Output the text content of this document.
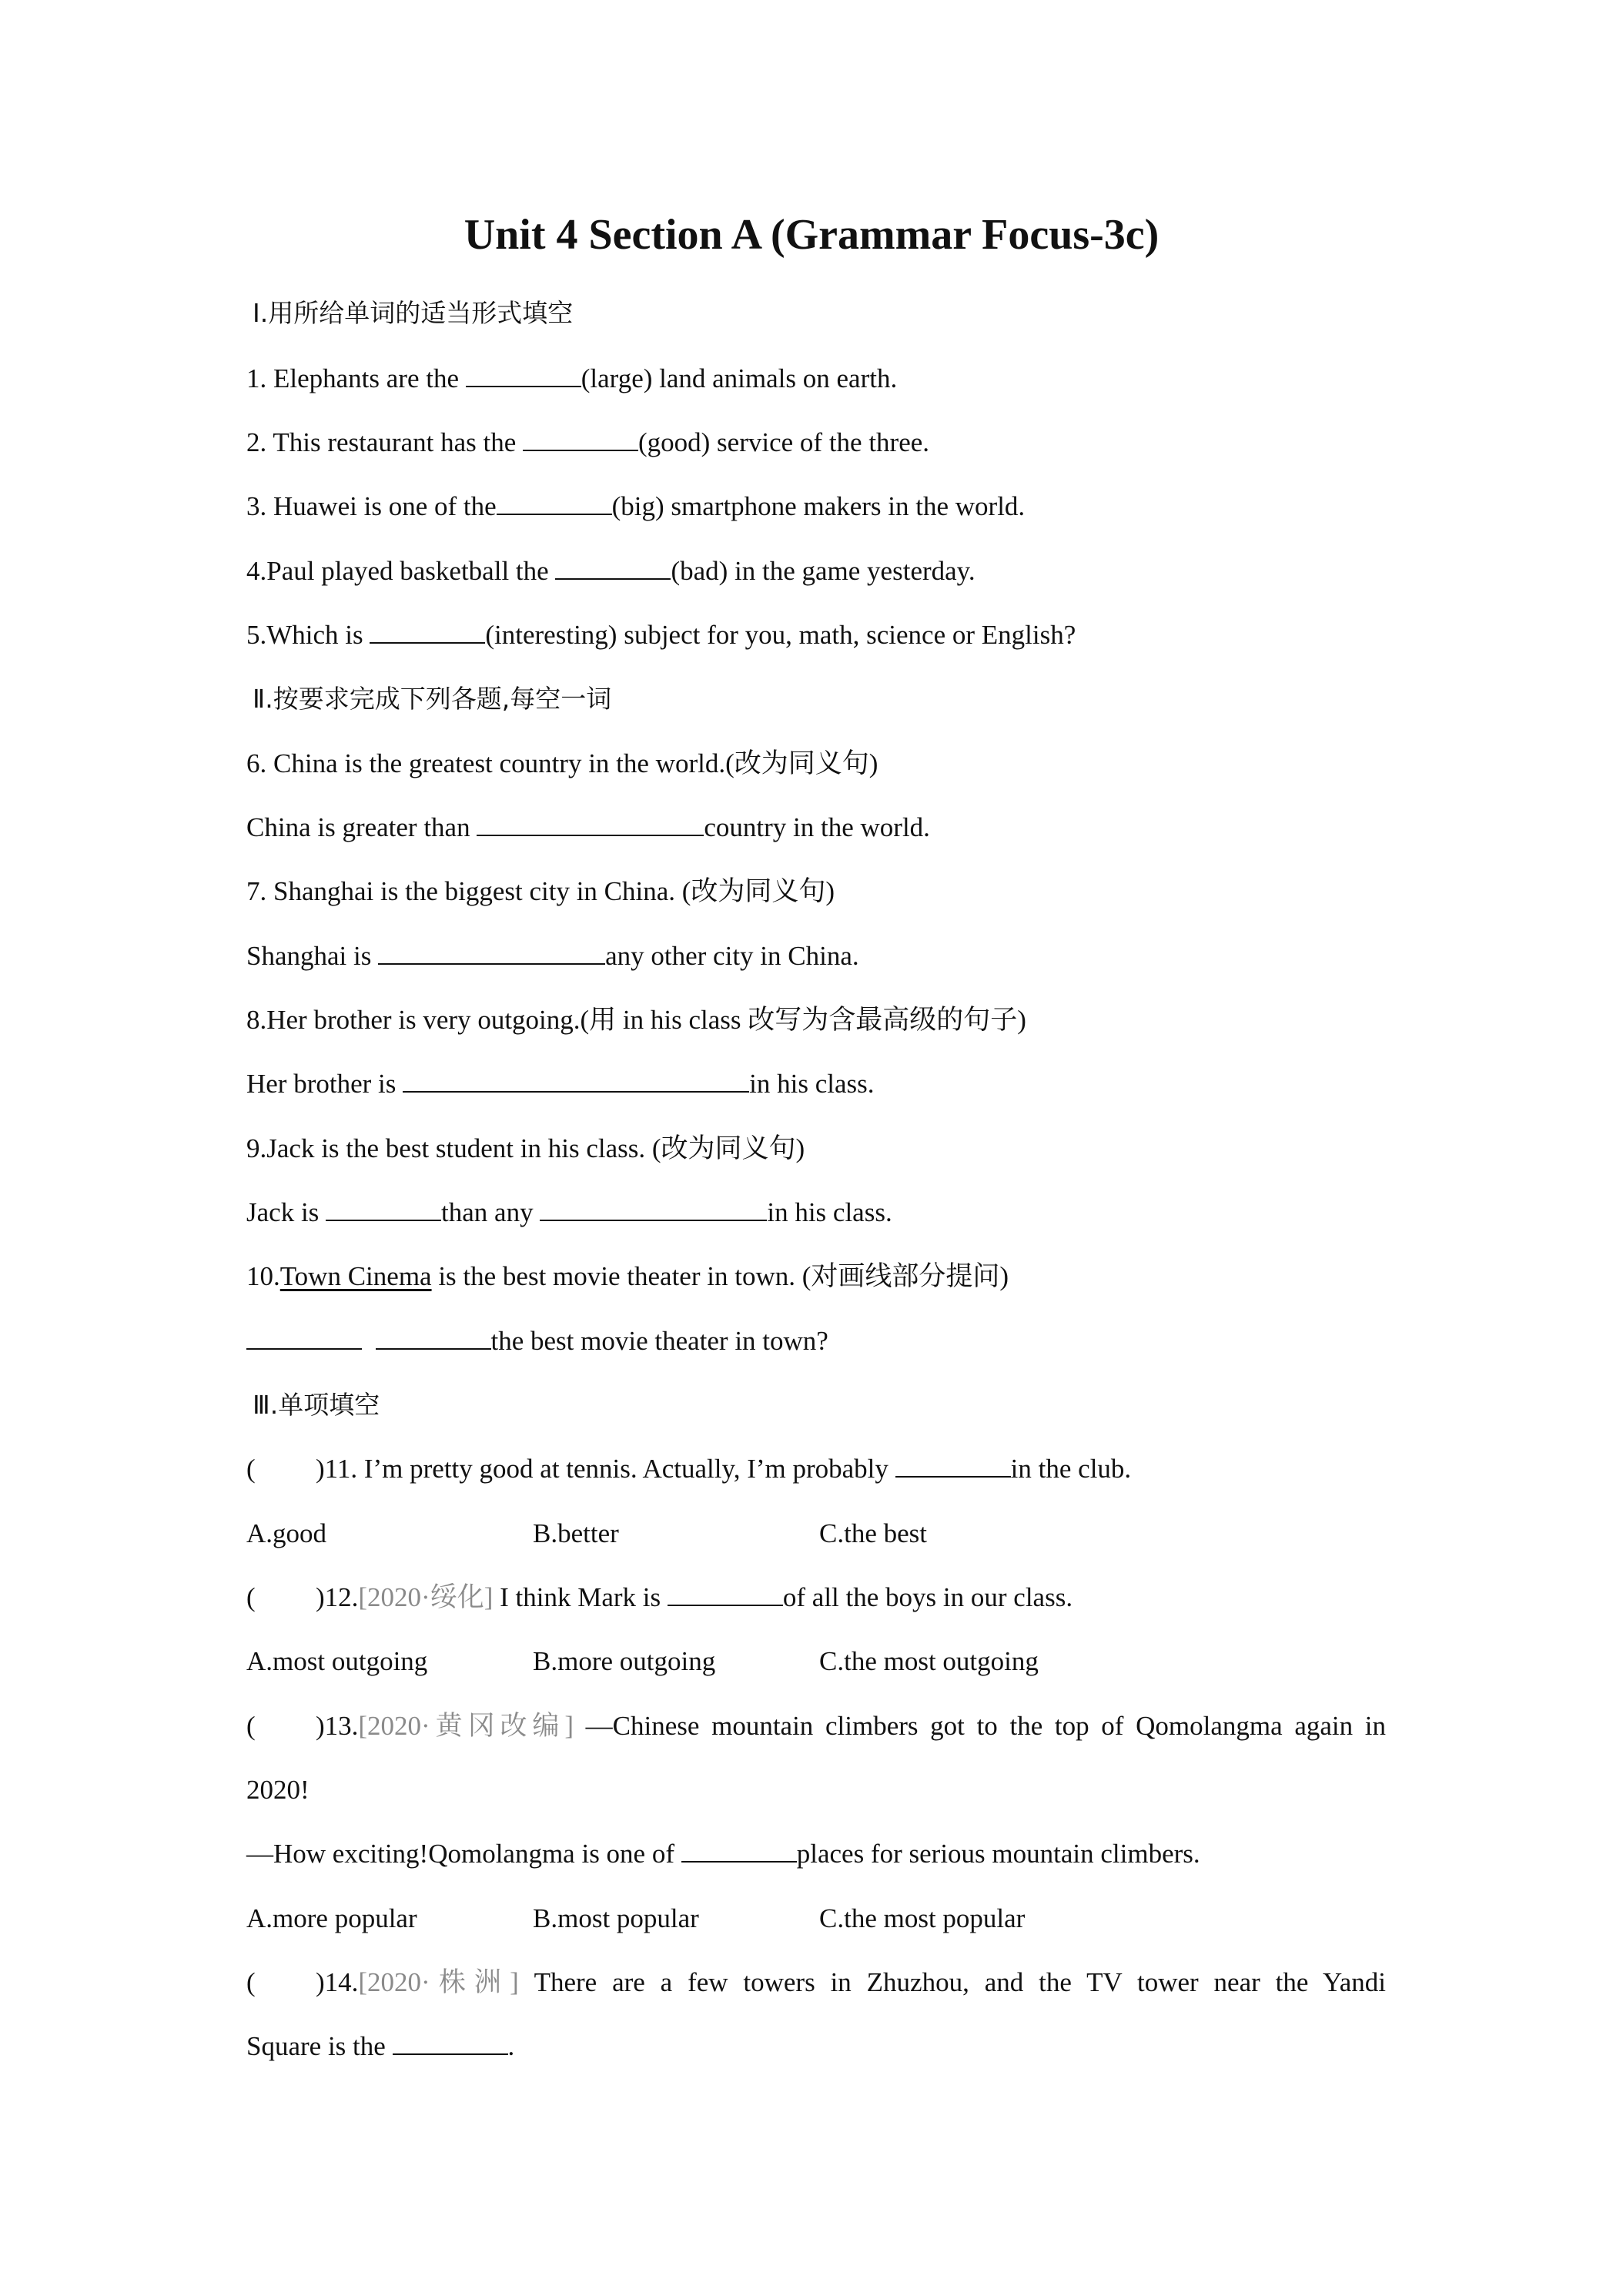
Unit 4 Section A (Grammar Focus-3c)
Ⅰ.用所给单词的适当形式填空
1. Elephants are the	(large) land animals on earth.
2. This restaurant has the	(good) service of the three.
3. Huawei is one of the	(big) smartphone makers in the world.
4.Paul played basketball the	(bad) in the game yesterday.
5.Which is	(interesting) subject for you, math, science or English?
Ⅱ.按要求完成下列各题,每空一词
6. China is the greatest country in the world.(改为同义句)
China is greater than	country in the world.
7. Shanghai is the biggest city in China. (改为同义句)
Shanghai is	any other city in China.
8.Her brother is very outgoing.(用 in his class 改写为含最高级的句子)
Her brother is	in his class.
9.Jack is the best student in his class. (改为同义句)
Jack is	than any	in his class.
10.Town Cinema is the best movie theater in town. (对画线部分提问)
the best movie theater in town?
Ⅲ.单项填空
( )11. I’m pretty good at tennis. Actually, I’m probably	in the club.
A.good	B.better	C.the best
( )12.[2020·绥化] I think Mark is	of all the boys in our class.
A.most outgoing	B.more outgoing	C.the most outgoing
( )13.[2020·黄冈改编] —Chinese mountain climbers got to the top of Qomolangma again in
2020!
—How exciting!Qomolangma is one of	places for serious mountain climbers.
A.more popular	B.most popular	C.the most popular
( )14.[2020·株洲] There are a few towers in Zhuzhou, and the TV tower near the Yandi
Square is the	.
